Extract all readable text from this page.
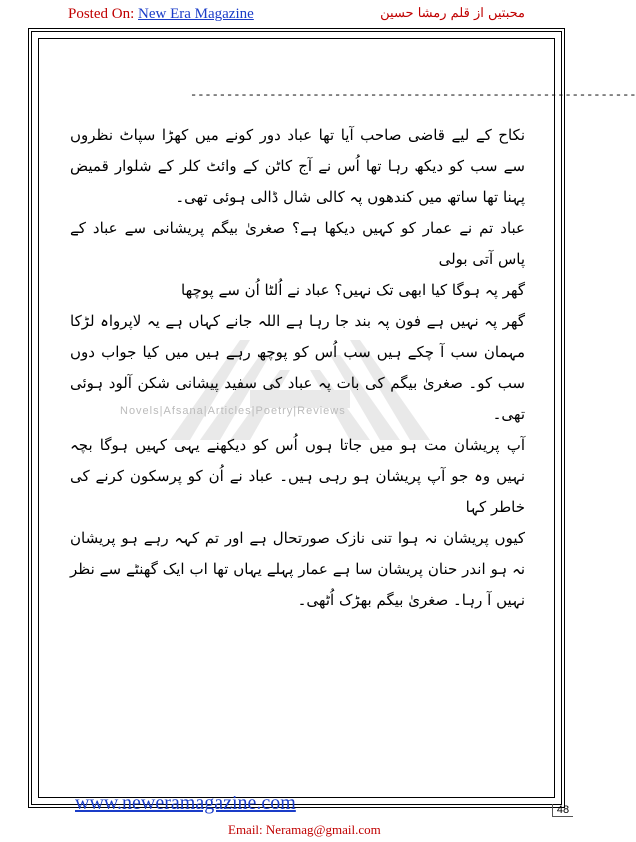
Posted On: New Era Magazine	محبتیں از قلم رمشا حسین
--------------------------------------------------------------
Novels|Afsana|Articles|Poetry|Reviews

نکاح کے لیے قاضی صاحب آیا تھا عباد دور کونے میں کھڑا سپاٹ نظروں سے سب کو دیکھ رہا تھا اُس نے آج کاٹن کے وائٹ کلر کے شلوار قمیض پہنا تھا ساتھ میں کندھوں پہ کالی شال ڈالی ہوئی تھی۔

عباد تم نے عمار کو کہیں دیکھا ہے؟ صغریٰ بیگم پریشانی سے عباد کے پاس آتی بولی

گھر پہ ہوگا کیا ابھی تک نہیں؟ عباد نے اُلٹا اُن سے پوچھا

گھر پہ نہیں ہے فون پہ بند جا رہا ہے اللہ جانے کہاں ہے یہ لاپرواہ لڑکا مہمان سب آ چکے ہیں سب اُس کو پوچھ رہے ہیں میں کیا جواب دوں سب کو۔ صغریٰ بیگم کی بات پہ عباد کی سفید پیشانی شکن آلود ہوئی تھی۔

آپ پریشان مت ہو میں جاتا ہوں اُس کو دیکھنے یہی کہیں ہوگا بچہ نہیں وہ جو آپ پریشان ہو رہی ہیں۔ عباد نے اُن کو پرسکون کرنے کی خاطر کہا

کیوں پریشان نہ ہوا تنی نازک صورتحال ہے اور تم کہہ رہے ہو پریشان نہ ہو اندر حنان پریشان سا ہے عمار پہلے یہاں تھا اب ایک گھنٹے سے نظر نہیں آ رہا۔ صغریٰ بیگم بھڑک اُٹھی۔

www.neweramagazine.com	48
Email: Neramag@gmail.com
